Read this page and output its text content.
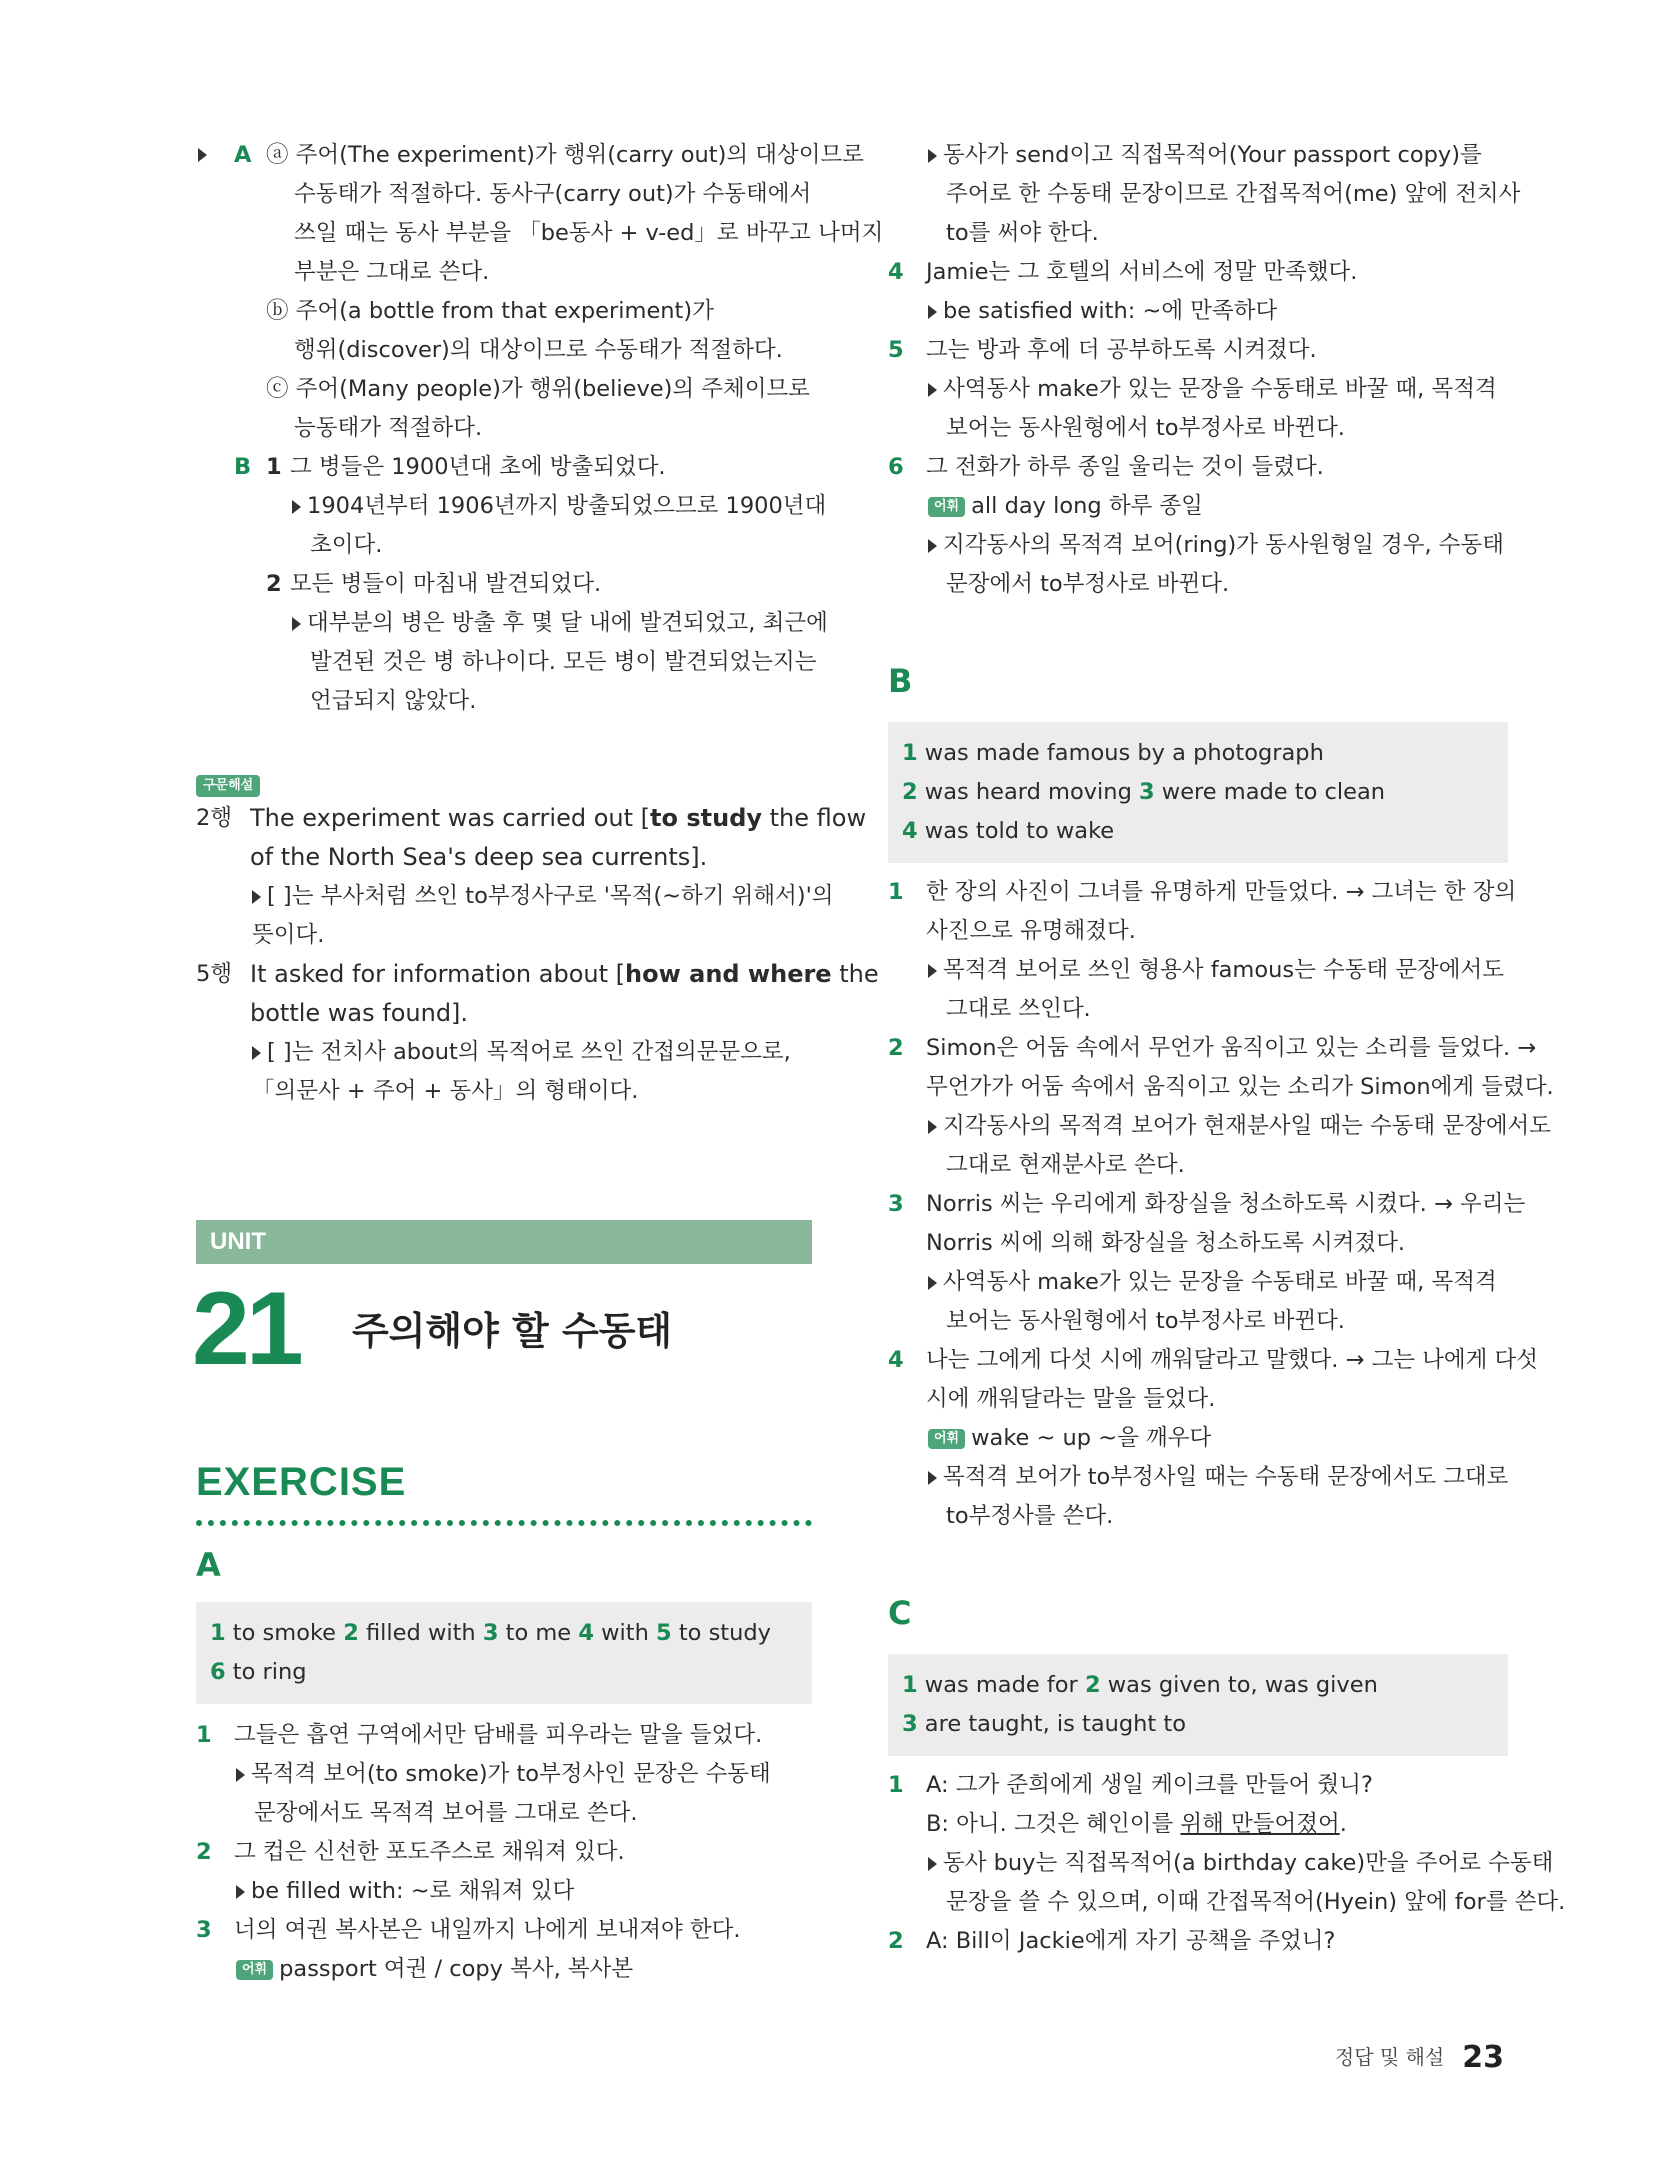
A ⓐ 주어(The experiment)가 행위(carry out)의 대상이므로
수동태가 적절하다. 동사구(carry out)가 수동태에서
쓰일 때는 동사 부분을 「be동사 + v-ed」로 바꾸고 나머지
부분은 그대로 쓴다.
ⓑ 주어(a bottle from that experiment)가
행위(discover)의 대상이므로 수동태가 적절하다.
ⓒ 주어(Many people)가 행위(believe)의 주체이므로
능동태가 적절하다.
B 1 그 병들은 1900년대 초에 방출되었다.
1904년부터 1906년까지 방출되었으므로 1900년대
초이다.
2 모든 병들이 마침내 발견되었다.
대부분의 병은 방출 후 몇 달 내에 발견되었고, 최근에
발견된 것은 병 하나이다. 모든 병이 발견되었는지는
언급되지 않았다.
구문해설
2행 The experiment was carried out [to study the flow
of the North Sea's deep sea currents].
[ ]는 부사처럼 쓰인 to부정사구로 '목적(~하기 위해서)'의
뜻이다.
5행 It asked for information about [how and where the
bottle was found].
[ ]는 전치사 about의 목적어로 쓰인 간접의문문으로,
「의문사 + 주어 + 동사」의 형태이다.
UNIT
21 주의해야 할 수동태
EXERCISE
A
1 to smoke 2 filled with 3 to me 4 with 5 to study
6 to ring
1 그들은 흡연 구역에서만 담배를 피우라는 말을 들었다.
목적격 보어(to smoke)가 to부정사인 문장은 수동태
문장에서도 목적격 보어를 그대로 쓴다.
2 그 컵은 신선한 포도주스로 채워져 있다.
be filled with: ~로 채워져 있다
3 너의 여권 복사본은 내일까지 나에게 보내져야 한다.
어휘 passport 여권 / copy 복사, 복사본
동사가 send이고 직접목적어(Your passport copy)를
주어로 한 수동태 문장이므로 간접목적어(me) 앞에 전치사
to를 써야 한다.
4 Jamie는 그 호텔의 서비스에 정말 만족했다.
be satisfied with: ~에 만족하다
5 그는 방과 후에 더 공부하도록 시켜졌다.
사역동사 make가 있는 문장을 수동태로 바꿀 때, 목적격
보어는 동사원형에서 to부정사로 바뀐다.
6 그 전화가 하루 종일 울리는 것이 들렸다.
어휘 all day long 하루 종일
지각동사의 목적격 보어(ring)가 동사원형일 경우, 수동태
문장에서 to부정사로 바뀐다.
B
1 was made famous by a photograph
2 was heard moving 3 were made to clean
4 was told to wake
1 한 장의 사진이 그녀를 유명하게 만들었다. → 그녀는 한 장의
사진으로 유명해졌다.
목적격 보어로 쓰인 형용사 famous는 수동태 문장에서도
그대로 쓰인다.
2 Simon은 어둠 속에서 무언가 움직이고 있는 소리를 들었다. →
무언가가 어둠 속에서 움직이고 있는 소리가 Simon에게 들렸다.
지각동사의 목적격 보어가 현재분사일 때는 수동태 문장에서도
그대로 현재분사로 쓴다.
3 Norris 씨는 우리에게 화장실을 청소하도록 시켰다. → 우리는
Norris 씨에 의해 화장실을 청소하도록 시켜졌다.
사역동사 make가 있는 문장을 수동태로 바꿀 때, 목적격
보어는 동사원형에서 to부정사로 바뀐다.
4 나는 그에게 다섯 시에 깨워달라고 말했다. → 그는 나에게 다섯
시에 깨워달라는 말을 들었다.
어휘 wake ~ up ~을 깨우다
목적격 보어가 to부정사일 때는 수동태 문장에서도 그대로
to부정사를 쓴다.
C
1 was made for 2 was given to, was given
3 are taught, is taught to
1 A: 그가 준희에게 생일 케이크를 만들어 줬니?
B: 아니. 그것은 혜인이를 위해 만들어졌어.
동사 buy는 직접목적어(a birthday cake)만을 주어로 수동태
문장을 쓸 수 있으며, 이때 간접목적어(Hyein) 앞에 for를 쓴다.
2 A: Bill이 Jackie에게 자기 공책을 주었니?
정답 및 해설 23
